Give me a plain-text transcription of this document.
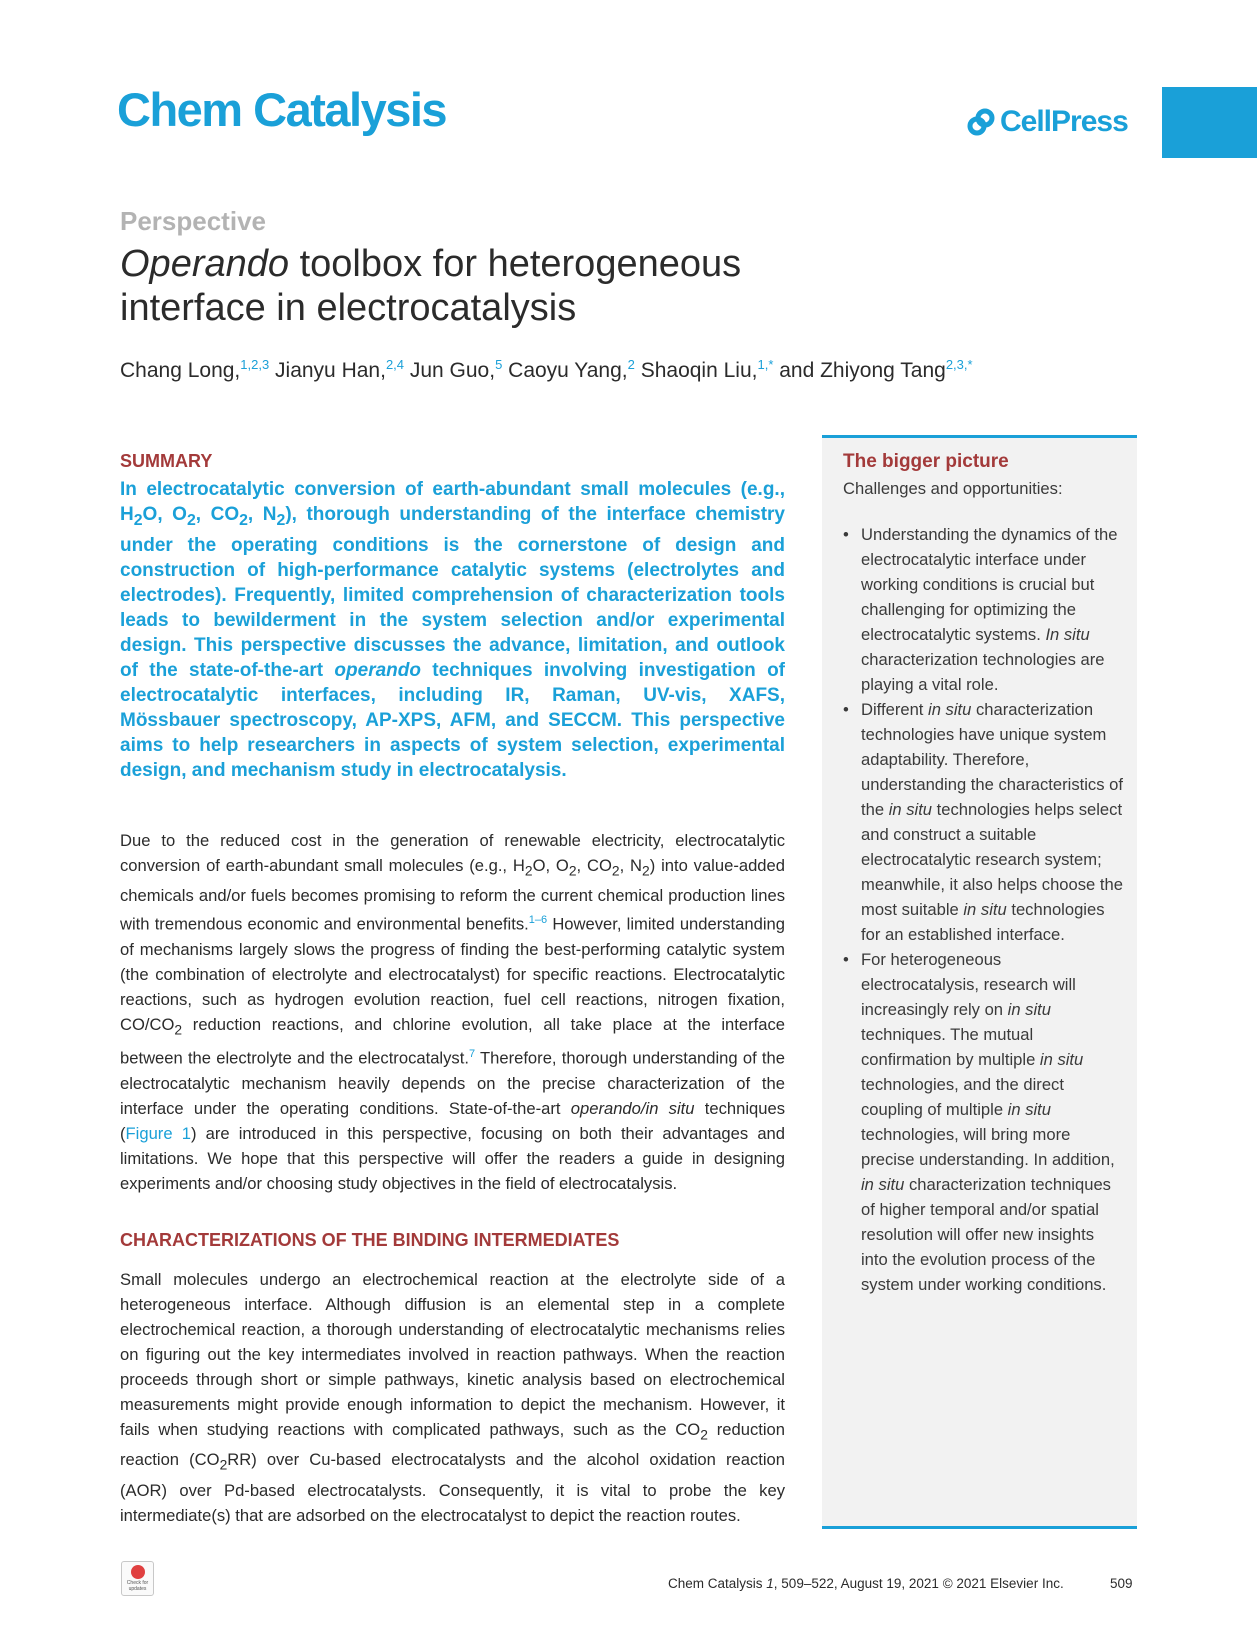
Chem Catalysis	CellPress
Perspective
Operando toolbox for heterogeneous interface in electrocatalysis
Chang Long,$^{1,2,3}$ Jianyu Han,$^{2,4}$ Jun Guo,$^5$ Caoyu Yang,$^2$ Shaoqin Liu,$^{1,*}$ and Zhiyong Tang$^{2,3,*}$
SUMMARY
In electrocatalytic conversion of earth-abundant small molecules (e.g., $H_2O$, $O_2$, $CO_2$, $N_2$), thorough understanding of the interface chemistry under the operating conditions is the cornerstone of design and construction of high-performance catalytic systems (electrolytes and electrodes). Frequently, limited comprehension of characterization tools leads to bewilderment in the system selection and/or experimental design. This perspective discusses the advance, limitation, and outlook of the state-of-the-art operando techniques involving investigation of electrocatalytic interfaces, including IR, Raman, UV-vis, XAFS, Mössbauer spectroscopy, AP-XPS, AFM, and SECCM. This perspective aims to help researchers in aspects of system selection, experimental design, and mechanism study in electrocatalysis.
Due to the reduced cost in the generation of renewable electricity, electrocatalytic conversion of earth-abundant small molecules (e.g., $H_2O$, $O_2$, $CO_2$, $N_2$) into value-added chemicals and/or fuels becomes promising to reform the current chemical production lines with tremendous economic and environmental benefits.$^{1-6}$ However, limited understanding of mechanisms largely slows the progress of finding the best-performing catalytic system (the combination of electrolyte and electrocatalyst) for specific reactions. Electrocatalytic reactions, such as hydrogen evolution reaction, fuel cell reactions, nitrogen fixation, $CO/CO_2$ reduction reactions, and chlorine evolution, all take place at the interface between the electrolyte and the electrocatalyst.$^7$ Therefore, thorough understanding of the electrocatalytic mechanism heavily depends on the precise characterization of the interface under the operating conditions. State-of-the-art operando/in situ techniques (Figure 1) are introduced in this perspective, focusing on both their advantages and limitations. We hope that this perspective will offer the readers a guide in designing experiments and/or choosing study objectives in the field of electrocatalysis.
CHARACTERIZATIONS OF THE BINDING INTERMEDIATES
Small molecules undergo an electrochemical reaction at the electrolyte side of a heterogeneous interface. Although diffusion is an elemental step in a complete electrochemical reaction, a thorough understanding of electrocatalytic mechanisms relies on figuring out the key intermediates involved in reaction pathways. When the reaction proceeds through short or simple pathways, kinetic analysis based on electrochemical measurements might provide enough information to depict the mechanism. However, it fails when studying reactions with complicated pathways, such as the $CO_2$ reduction reaction $(CO_2RR)$ over Cu-based electrocatalysts and the alcohol oxidation reaction (AOR) over Pd-based electrocatalysts. Consequently, it is vital to probe the key intermediate(s) that are adsorbed on the electrocatalyst to depict the reaction routes.
The bigger picture
Challenges and opportunities:
• Understanding the dynamics of the electrocatalytic interface under working conditions is crucial but challenging for optimizing the electrocatalytic systems. In situ characterization technologies are playing a vital role.
• Different in situ characterization technologies have unique system adaptability. Therefore, understanding the characteristics of the in situ technologies helps select and construct a suitable electrocatalytic research system; meanwhile, it also helps choose the most suitable in situ technologies for an established interface.
• For heterogeneous electrocatalysis, research will increasingly rely on in situ techniques. The mutual confirmation by multiple in situ technologies, and the direct coupling of multiple in situ technologies, will bring more precise understanding. In addition, in situ characterization techniques of higher temporal and/or spatial resolution will offer new insights into the evolution process of the system under working conditions.
Check for updates	Chem Catalysis 1, 509–522, August 19, 2021 © 2021 Elsevier Inc.	509
